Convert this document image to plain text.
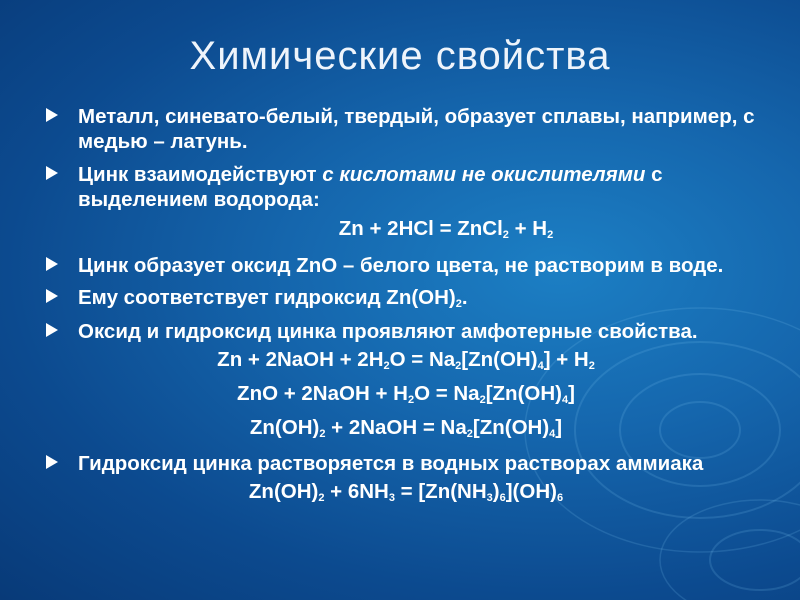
Химические свойства
Металл, синевато-белый, твердый, образует сплавы, например, с медью – латунь.
Цинк взаимодействуют с кислотами не окислителями с выделением водорода:
Zn + 2HCl = ZnCl$_2$ + $H_2$
Цинк образует оксид ZnO – белого цвета, не растворим в воде.
Ему соответствует гидроксид $Zn(OH)_2$.
Оксид и гидроксид цинка проявляют амфотерные свойства.
Zn + 2NaOH + $2H_2O = Na_2[Zn(OH)_4] + H_2$
ZnO + 2NaOH + $H_2O = Na_2[Zn(OH)_4]$
$Zn(OH)_2$ + 2NaOH = $Na_2[Zn(OH)_4]$
Гидроксид цинка растворяется в водных растворах аммиака
$Zn(OH)_2 + 6NH_3 = [Zn(NH_3)_6](OH)_6$
